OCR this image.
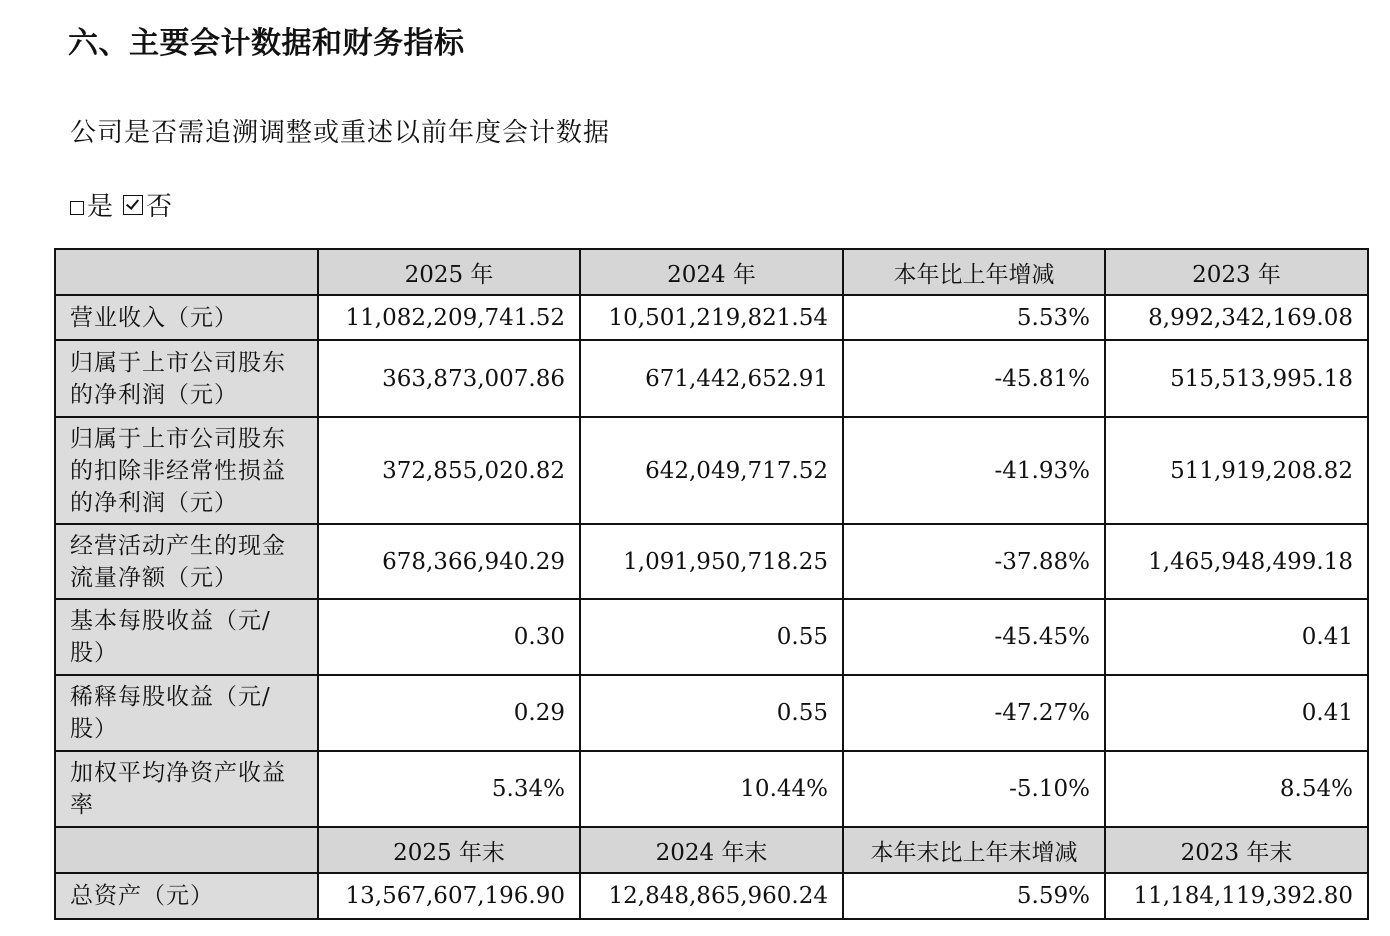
六、主要会计数据和财务指标
公司是否需追溯调整或重述以前年度会计数据
是 否
	2025 年	2024 年	本年比上年增减	2023 年
营业收入（元）	11,082,209,741.52	10,501,219,821.54	5.53%	8,992,342,169.08
归属于上市公司股东的净利润（元）	363,873,007.86	671,442,652.91	-45.81%	515,513,995.18
归属于上市公司股东的扣除非经常性损益的净利润（元）	372,855,020.82	642,049,717.52	-41.93%	511,919,208.82
经营活动产生的现金流量净额（元）	678,366,940.29	1,091,950,718.25	-37.88%	1,465,948,499.18
基本每股收益（元/股）	0.30	0.55	-45.45%	0.41
稀释每股收益（元/股）	0.29	0.55	-47.27%	0.41
加权平均净资产收益率	5.34%	10.44%	-5.10%	8.54%
	2025 年末	2024 年末	本年末比上年末增减	2023 年末
总资产（元）	13,567,607,196.90	12,848,865,960.24	5.59%	11,184,119,392.80
